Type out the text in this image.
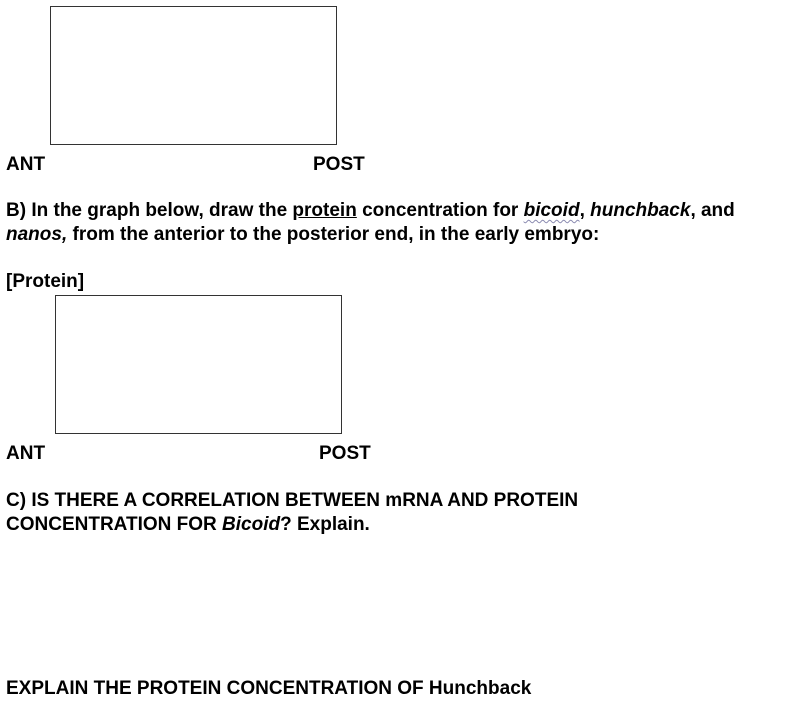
ANT	POST
B) In the graph below, draw the protein concentration for bicoid, hunchback, and
nanos, from the anterior to the posterior end, in the early embryo:
[Protein]
ANT	POST
C) IS THERE A CORRELATION BETWEEN mRNA AND PROTEIN
CONCENTRATION FOR Bicoid? Explain.
EXPLAIN THE PROTEIN CONCENTRATION OF Hunchback
